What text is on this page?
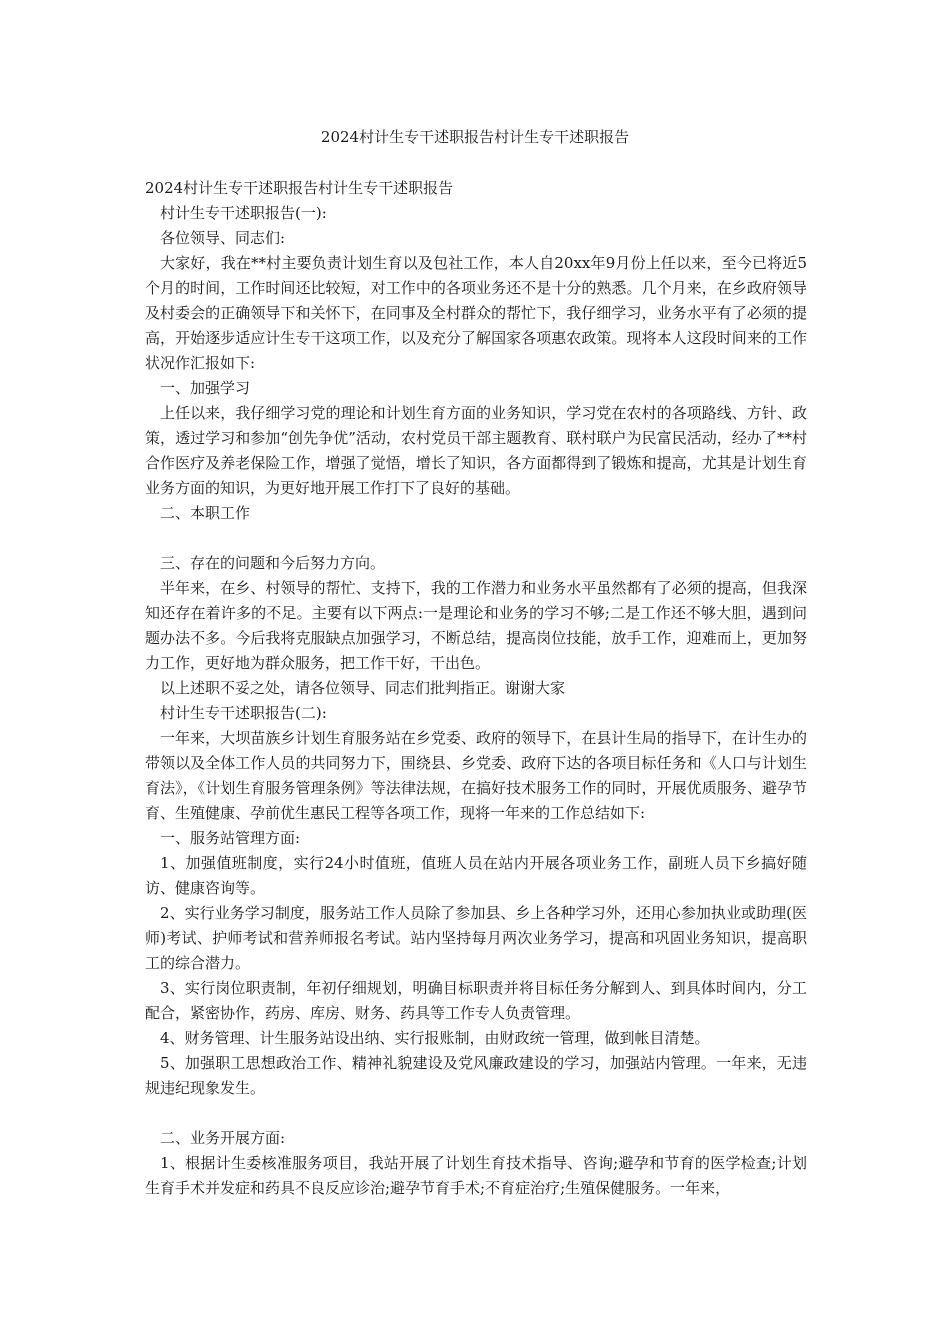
2024村计生专干述职报告村计生专干述职报告

2024村计生专干述职报告村计生专干述职报告

村计生专干述职报告(一):

各位领导、同志们:

大家好，我在**村主要负责计划生育以及包社工作，本人自20xx年9月份上任以来，至今已将近5个月的时间，工作时间还比较短，对工作中的各项业务还不是十分的熟悉。几个月来，在乡政府领导及村委会的正确领导下和关怀下，在同事及全村群众的帮忙下，我仔细学习，业务水平有了必须的提高，开始逐步适应计生专干这项工作，以及充分了解国家各项惠农政策。现将本人这段时间来的工作状况作汇报如下:

一、加强学习

上任以来，我仔细学习党的理论和计划生育方面的业务知识，学习党在农村的各项路线、方针、政策，透过学习和参加“创先争优”活动，农村党员干部主题教育、联村联户为民富民活动，经办了**村合作医疗及养老保险工作，增强了觉悟，增长了知识，各方面都得到了锻炼和提高，尤其是计划生育业务方面的知识，为更好地开展工作打下了良好的基础。

二、本职工作

三、存在的问题和今后努力方向。

半年来，在乡、村领导的帮忙、支持下，我的工作潜力和业务水平虽然都有了必须的提高，但我深知还存在着许多的不足。主要有以下两点:一是理论和业务的学习不够;二是工作还不够大胆，遇到问题办法不多。今后我将克服缺点加强学习，不断总结，提高岗位技能，放手工作，迎难而上，更加努力工作，更好地为群众服务，把工作干好，干出色。

以上述职不妥之处，请各位领导、同志们批判指正。谢谢大家

村计生专干述职报告(二):

一年来，大坝苗族乡计划生育服务站在乡党委、政府的领导下，在县计生局的指导下，在计生办的带领以及全体工作人员的共同努力下，围绕县、乡党委、政府下达的各项目标任务和《人口与计划生育法》，《计划生育服务管理条例》等法律法规，在搞好技术服务工作的同时，开展优质服务、避孕节育、生殖健康、孕前优生惠民工程等各项工作，现将一年来的工作总结如下:

一、服务站管理方面:

1、加强值班制度，实行24小时值班，值班人员在站内开展各项业务工作，副班人员下乡搞好随访、健康咨询等。

2、实行业务学习制度，服务站工作人员除了参加县、乡上各种学习外，还用心参加执业或助理(医师)考试、护师考试和营养师报名考试。站内坚持每月两次业务学习，提高和巩固业务知识，提高职工的综合潜力。

3、实行岗位职责制，年初仔细规划，明确目标职责并将目标任务分解到人、到具体时间内，分工配合，紧密协作，药房、库房、财务、药具等工作专人负责管理。

4、财务管理、计生服务站设出纳、实行报账制，由财政统一管理，做到帐目清楚。

5、加强职工思想政治工作、精神礼貌建设及党风廉政建设的学习，加强站内管理。一年来，无违规违纪现象发生。

二、业务开展方面:

1、根据计生委核准服务项目，我站开展了计划生育技术指导、咨询;避孕和节育的医学检查;计划生育手术并发症和药具不良反应诊治;避孕节育手术;不育症治疗;生殖保健服务。一年来，
